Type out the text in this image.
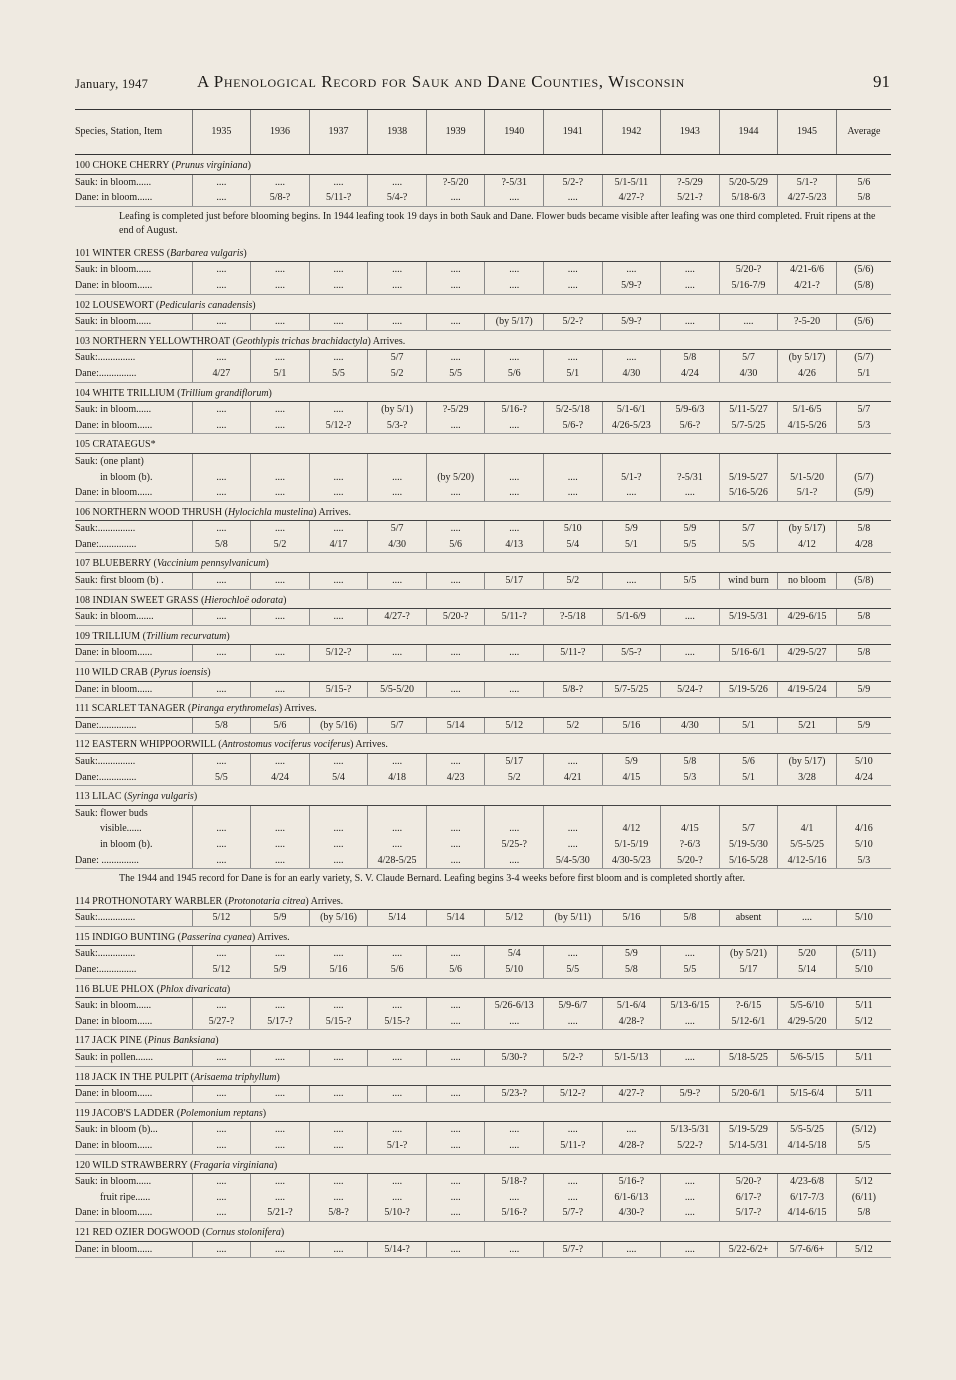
January, 1947	A Phenological Record for Sauk and Dane Counties, Wisconsin	91
Species, Station, Item	1935	1936	1937	1938	1939	1940	1941	1942	1943	1944	1945	Average
100 CHOKE CHERRY (Prunus virginiana)												
Sauk: in bloom......	....	....	....	....	?-5/20	?-5/31	5/2-?	5/1-5/11	?-5/29	5/20-5/29	5/1-?	5/6
Dane: in bloom......	....	5/8-?	5/11-?	5/4-?	....	....	....	4/27-?	5/21-?	5/18-6/3	4/27-5/23	5/8
Leafing is completed just before blooming begins. In 1944 leafing took 19 days in both Sauk and Dane. Flower buds became visible after leafing was one third completed. Fruit ripens at the end of August.												
101 WINTER CRESS (Barbarea vulgaris)												
Sauk: in bloom......	....	....	....	....	....	....	....	....	....	5/20-?	4/21-6/6	(5/6)
Dane: in bloom......	....	....	....	....	....	....	....	5/9-?	....	5/16-7/9	4/21-?	(5/8)
102 LOUSEWORT (Pedicularis canadensis)												
Sauk: in bloom......	....	....	....	....	....	(by 5/17)	5/2-?	5/9-?	....	....	?-5-20	(5/6)
103 NORTHERN YELLOWTHROAT (Geothlypis trichas brachidactyla) Arrives.												
Sauk:...............	....	....	....	5/7	....	....	....	....	5/8	5/7	(by 5/17)	(5/7)
Dane:...............	4/27	5/1	5/5	5/2	5/5	5/6	5/1	4/30	4/24	4/30	4/26	5/1
104 WHITE TRILLIUM (Trillium grandiflorum)												
Sauk: in bloom......	....	....	....	(by 5/1)	?-5/29	5/16-?	5/2-5/18	5/1-6/1	5/9-6/3	5/11-5/27	5/1-6/5	5/7
Dane: in bloom......	....	....	5/12-?	5/3-?	....	....	5/6-?	4/26-5/23	5/6-?	5/7-5/25	4/15-5/26	5/3
105 CRATAEGUS*												
Sauk: (one plant)												
in bloom (b).	....	....	....	....	(by 5/20)	....	....	5/1-?	?-5/31	5/19-5/27	5/1-5/20	(5/7)
Dane: in bloom......	....	....	....	....	....	....	....	....	....	5/16-5/26	5/1-?	(5/9)
106 NORTHERN WOOD THRUSH (Hylocichla mustelina) Arrives.												
Sauk:...............	....	....	....	5/7	....	....	5/10	5/9	5/9	5/7	(by 5/17)	5/8
Dane:...............	5/8	5/2	4/17	4/30	5/6	4/13	5/4	5/1	5/5	5/5	4/12	4/28
107 BLUEBERRY (Vaccinium pennsylvanicum)												
Sauk: first bloom (b) .	....	....	....	....	....	5/17	5/2	....	5/5	wind burn	no bloom	(5/8)
108 INDIAN SWEET GRASS (Hierochloë odorata)												
Sauk: in bloom.......	....	....	....	4/27-?	5/20-?	5/11-?	?-5/18	5/1-6/9	....	5/19-5/31	4/29-6/15	5/8
109 TRILLIUM (Trillium recurvatum)												
Dane: in bloom......	....	....	5/12-?	....	....	....	5/11-?	5/5-?	....	5/16-6/1	4/29-5/27	5/8
110 WILD CRAB (Pyrus ioensis)												
Dane: in bloom......	....	....	5/15-?	5/5-5/20	....	....	5/8-?	5/7-5/25	5/24-?	5/19-5/26	4/19-5/24	5/9
111 SCARLET TANAGER (Piranga erythromelas) Arrives.												
Dane:...............	5/8	5/6	(by 5/16)	5/7	5/14	5/12	5/2	5/16	4/30	5/1	5/21	5/9
112 EASTERN WHIPPOORWILL (Antrostomus vociferus vociferus) Arrives.												
Sauk:...............	....	....	....	....	....	5/17	....	5/9	5/8	5/6	(by 5/17)	5/10
Dane:...............	5/5	4/24	5/4	4/18	4/23	5/2	4/21	4/15	5/3	5/1	3/28	4/24
113 LILAC (Syringa vulgaris)												
Sauk: flower buds												
visible......	....	....	....	....	....	....	....	4/12	4/15	5/7	4/1	4/16
in bloom (b).	....	....	....	....	....	5/25-?	....	5/1-5/19	?-6/3	5/19-5/30	5/5-5/25	5/10
Dane: ...............	....	....	....	4/28-5/25	....	....	5/4-5/30	4/30-5/23	5/20-?	5/16-5/28	4/12-5/16	5/3
The 1944 and 1945 record for Dane is for an early variety, S. V. Claude Bernard. Leafing begins 3-4 weeks before first bloom and is completed shortly after.												
114 PROTHONOTARY WARBLER (Protonotaria citrea) Arrives.												
Sauk:...............	5/12	5/9	(by 5/16)	5/14	5/14	5/12	(by 5/11)	5/16	5/8	absent	....	5/10
115 INDIGO BUNTING (Passerina cyanea) Arrives.												
Sauk:...............	....	....	....	....	....	5/4	....	5/9	....	(by 5/21)	5/20	(5/11)
Dane:...............	5/12	5/9	5/16	5/6	5/6	5/10	5/5	5/8	5/5	5/17	5/14	5/10
116 BLUE PHLOX (Phlox divaricata)												
Sauk: in bloom......	....	....	....	....	....	5/26-6/13	5/9-6/7	5/1-6/4	5/13-6/15	?-6/15	5/5-6/10	5/11
Dane: in bloom......	5/27-?	5/17-?	5/15-?	5/15-?	....	....	....	4/28-?	....	5/12-6/1	4/29-5/20	5/12
117 JACK PINE (Pinus Banksiana)												
Sauk: in pollen.......	....	....	....	....	....	5/30-?	5/2-?	5/1-5/13	....	5/18-5/25	5/6-5/15	5/11
118 JACK IN THE PULPIT (Arisaema triphyllum)												
Dane: in bloom......	....	....	....	....	....	5/23-?	5/12-?	4/27-?	5/9-?	5/20-6/1	5/15-6/4	5/11
119 JACOB'S LADDER (Polemonium reptans)												
Sauk: in bloom (b)...	....	....	....	....	....	....	....	....	5/13-5/31	5/19-5/29	5/5-5/25	(5/12)
Dane: in bloom......	....	....	....	5/1-?	....	....	5/11-?	4/28-?	5/22-?	5/14-5/31	4/14-5/18	5/5
120 WILD STRAWBERRY (Fragaria virginiana)												
Sauk: in bloom......	....	....	....	....	....	5/18-?	....	5/16-?	....	5/20-?	4/23-6/8	5/12
fruit ripe......	....	....	....	....	....	....	....	6/1-6/13	....	6/17-?	6/17-7/3	(6/11)
Dane: in bloom......	....	5/21-?	5/8-?	5/10-?	....	5/16-?	5/7-?	4/30-?	....	5/17-?	4/14-6/15	5/8
121 RED OZIER DOGWOOD (Cornus stolonifera)												
Dane: in bloom......	....	....	....	5/14-?	....	....	5/7-?	....	....	5/22-6/2+	5/7-6/6+	5/12
